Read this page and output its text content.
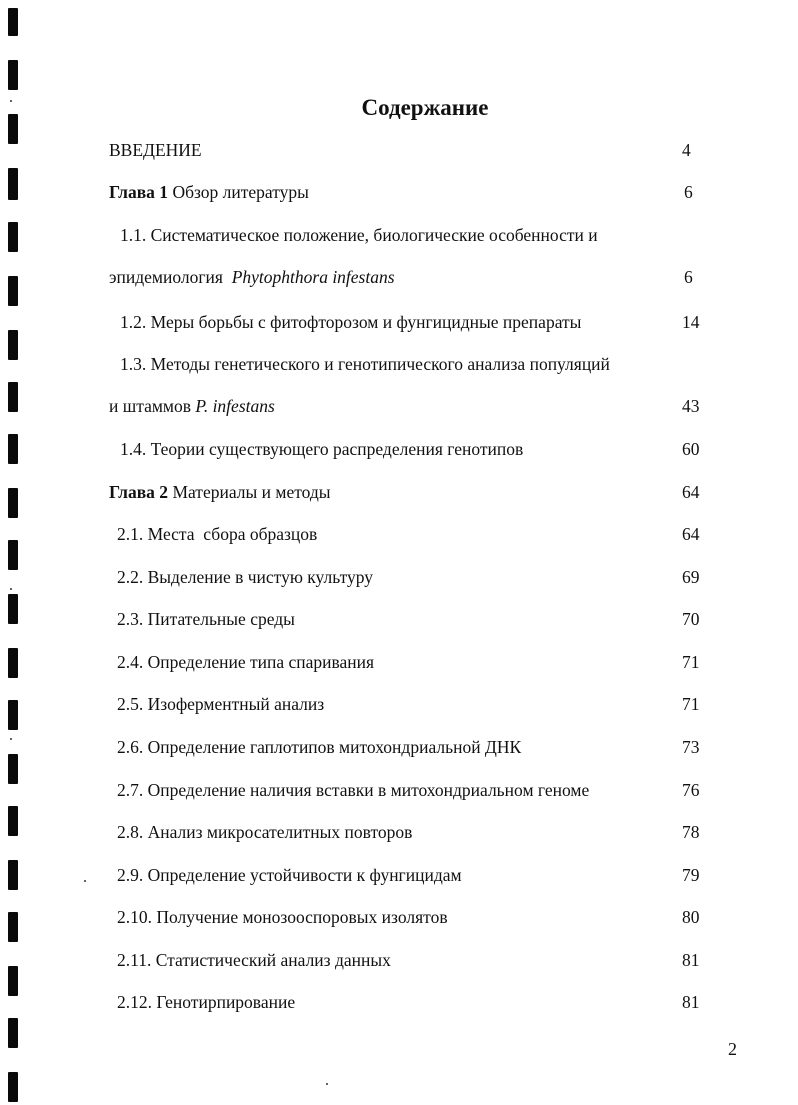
Содержание
ВВЕДЕНИЕ	4
Глава 1 Обзор литературы	6
1.1. Систематическое положение, биологические особенности и
эпидемиология Phytophthora infestans	6
1.2. Меры борьбы с фитофторозом и фунгицидные препараты	14
1.3. Методы генетического и генотипического анализа популяций
и штаммов P. infestans	43
1.4. Теории существующего распределения генотипов	60
Глава 2 Материалы и методы	64
2.1. Места  сбора образцов	64
2.2. Выделение в чистую культуру	69
2.3. Питательные среды	70
2.4. Определение типа спаривания	71
2.5. Изоферментный анализ	71
2.6. Определение гаплотипов митохондриальной ДНК	73
2.7. Определение наличия вставки в митохондриальном геноме	76
2.8. Анализ микросателитных повторов	78
2.9. Определение устойчивости к фунгицидам	79
2.10. Получение монозооспоровых изолятов	80
2.11. Статистический анализ данных	81
2.12. Генотирпирование	81
2
